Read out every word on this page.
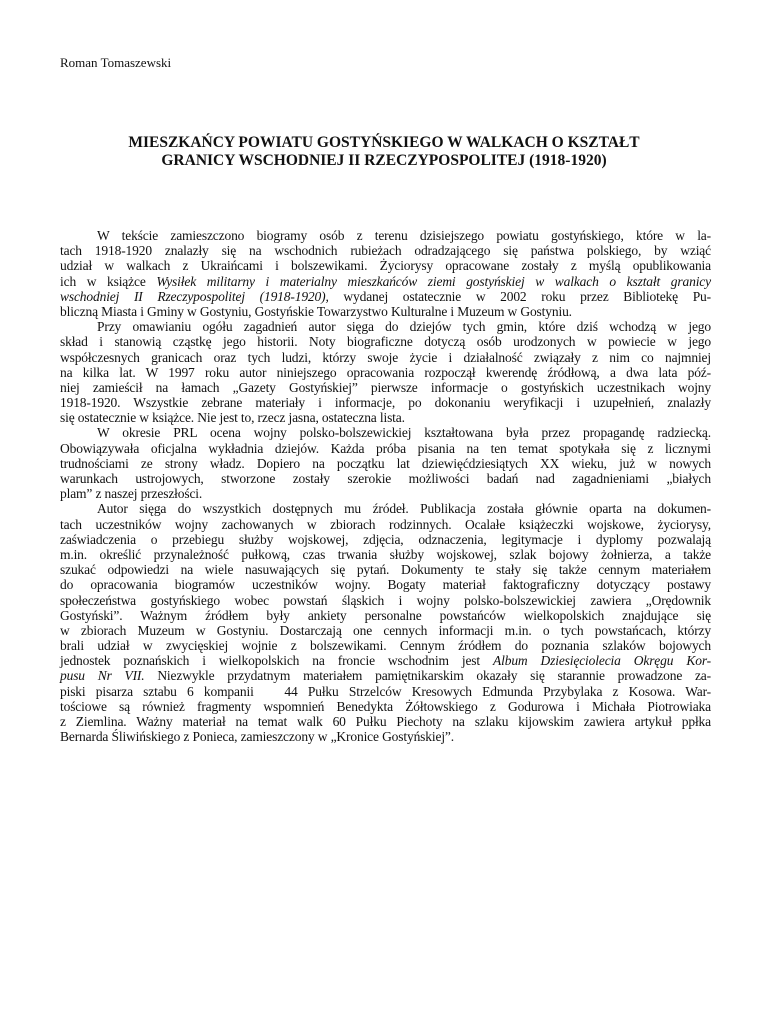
Roman Tomaszewski
MIESZKAŃCY POWIATU GOSTYŃSKIEGO W WALKACH O KSZTAŁT
GRANICY WSCHODNIEJ II RZECZYPOSPOLITEJ (1918-1920)
W tekście zamieszczono biogramy osób z terenu dzisiejszego powiatu gostyńskiego, które w la-
tach 1918-1920 znalazły się na wschodnich rubieżach odradzającego się państwa polskiego, by wziąć
udział w walkach z Ukraińcami i bolszewikami. Życiorysy opracowane zostały z myślą opublikowania
ich w książce Wysiłek militarny i materialny mieszkańców ziemi gostyńskiej w walkach o kształt granicy
wschodniej II Rzeczypospolitej (1918-1920), wydanej ostatecznie w 2002 roku przez Bibliotekę Pu-
bliczną Miasta i Gminy w Gostyniu, Gostyńskie Towarzystwo Kulturalne i Muzeum w Gostyniu.
Przy omawianiu ogółu zagadnień autor sięga do dziejów tych gmin, które dziś wchodzą w jego
skład i stanowią cząstkę jego historii. Noty biograficzne dotyczą osób urodzonych w powiecie w jego
współczesnych granicach oraz tych ludzi, którzy swoje życie i działalność związały z nim co najmniej
na kilka lat. W 1997 roku autor niniejszego opracowania rozpoczął kwerendę źródłową, a dwa lata póź-
niej zamieścił na łamach „Gazety Gostyńskiej” pierwsze informacje o gostyńskich uczestnikach wojny
1918-1920. Wszystkie zebrane materiały i informacje, po dokonaniu weryfikacji i uzupełnień, znalazły
się ostatecznie w książce. Nie jest to, rzecz jasna, ostateczna lista.
W okresie PRL ocena wojny polsko-bolszewickiej kształtowana była przez propagandę radziecką.
Obowiązywała oficjalna wykładnia dziejów. Każda próba pisania na ten temat spotykała się z licznymi
trudnościami ze strony władz. Dopiero na początku lat dziewięćdziesiątych XX wieku, już w nowych
warunkach ustrojowych, stworzone zostały szerokie możliwości badań nad zagadnieniami „białych
plam” z naszej przeszłości.
Autor sięga do wszystkich dostępnych mu źródeł. Publikacja została głównie oparta na dokumen-
tach uczestników wojny zachowanych w zbiorach rodzinnych. Ocalałe książeczki wojskowe, życiorysy,
zaświadczenia o przebiegu służby wojskowej, zdjęcia, odznaczenia, legitymacje i dyplomy pozwalają
m.in. określić przynależność pułkową, czas trwania służby wojskowej, szlak bojowy żołnierza, a także
szukać odpowiedzi na wiele nasuwających się pytań. Dokumenty te stały się także cennym materiałem
do opracowania biogramów uczestników wojny. Bogaty materiał faktograficzny dotyczący postawy
społeczeństwa gostyńskiego wobec powstań śląskich i wojny polsko-bolszewickiej zawiera „Orędownik
Gostyński”. Ważnym źródłem były ankiety personalne powstańców wielkopolskich znajdujące się
w zbiorach Muzeum w Gostyniu. Dostarczają one cennych informacji m.in. o tych powstańcach, którzy
brali udział w zwycięskiej wojnie z bolszewikami. Cennym źródłem do poznania szlaków bojowych
jednostek poznańskich i wielkopolskich na froncie wschodnim jest Album Dziesięciolecia Okręgu Kor-
pusu Nr VII. Niezwykle przydatnym materiałem pamiętnikarskim okazały się starannie prowadzone za-
piski pisarza sztabu 6 kompanii   44 Pułku Strzelców Kresowych Edmunda Przybylaka z Kosowa. War-
tościowe są również fragmenty wspomnień Benedykta Żółtowskiego z Godurowa i Michała Piotrowiaka
z Ziemlina. Ważny materiał na temat walk 60 Pułku Piechoty na szlaku kijowskim zawiera artykuł ppłka
Bernarda Śliwińskiego z Ponieca, zamieszczony w „Kronice Gostyńskiej”.
